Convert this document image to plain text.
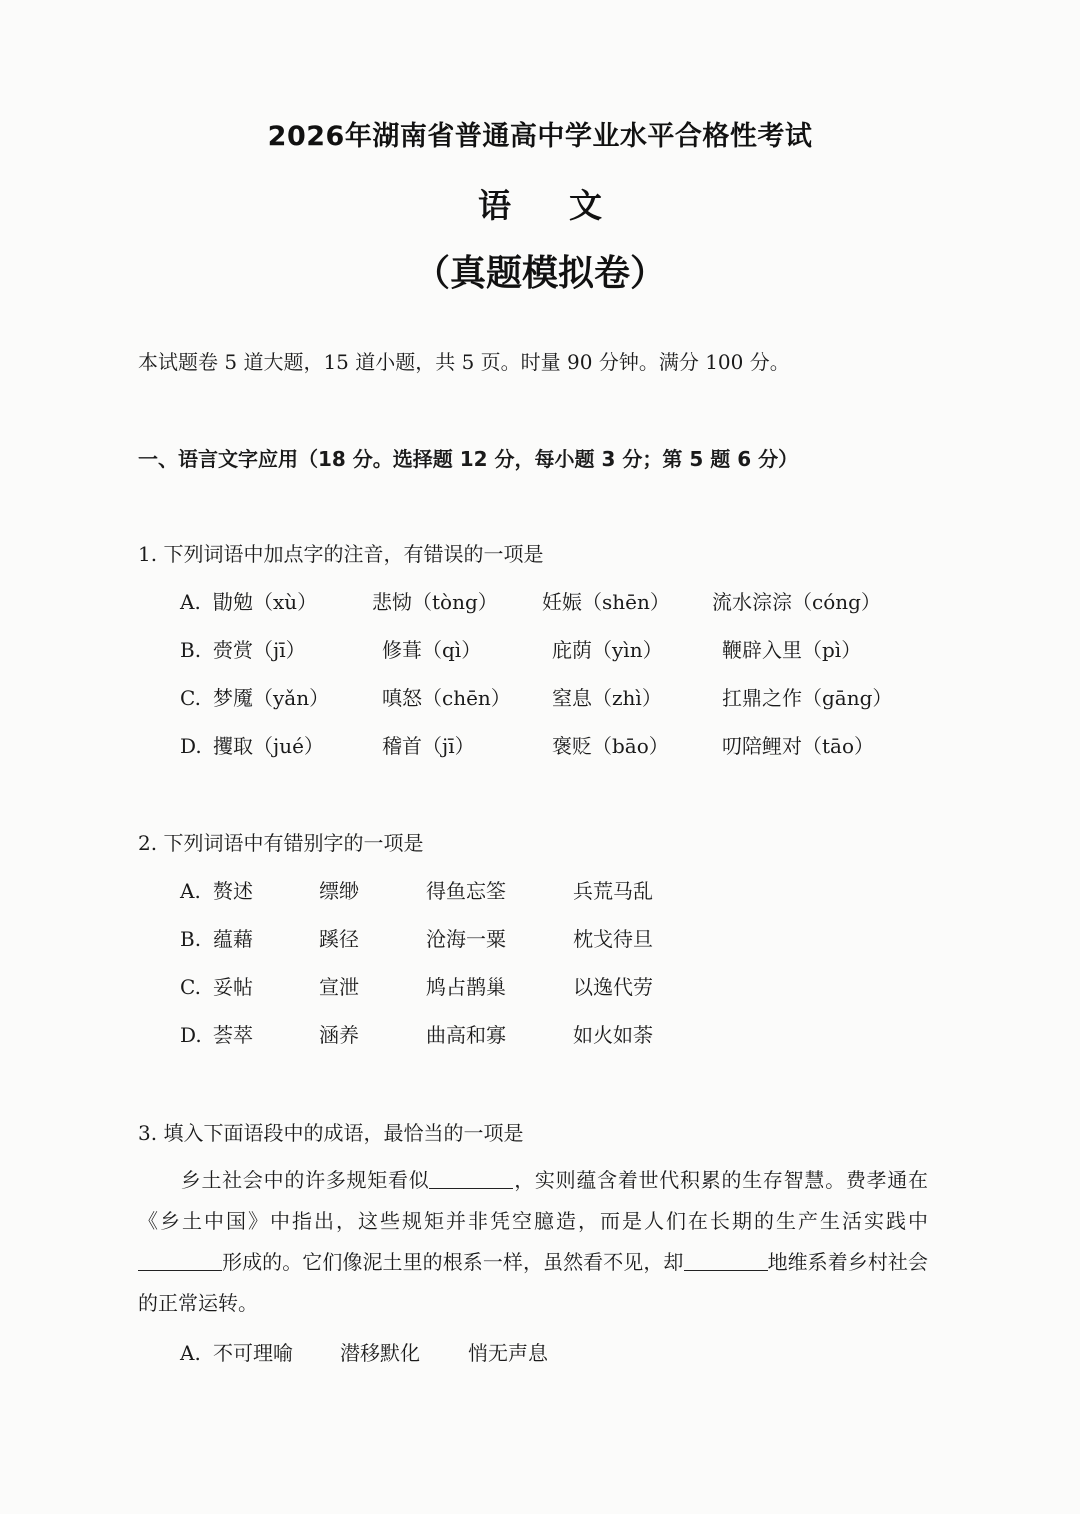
2026年湖南省普通高中学业水平合格性考试
语 文
（真题模拟卷）
本试题卷 5 道大题，15 道小题，共 5 页。时量 90 分钟。满分 100 分。
一、语言文字应用（18 分。选择题 12 分，每小题 3 分；第 5 题 6 分）
1. 下列词语中加点字的注音，有错误的一项是
A. 勖勉（xù）	悲恸（tòng） 妊娠（shēn） 流水淙淙（cóng）
B. 赍赏（jī）	修葺（qì）	庇荫（yìn）	鞭辟入里（pì）
C. 梦魇（yǎn）	嗔怒（chēn） 窒息（zhì）	扛鼎之作（gāng）
D. 攫取（jué）	稽首（jī）	褒贬（bāo）	叨陪鲤对（tāo）
2. 下列词语中有错别字的一项是
A. 赘述	缥缈	得鱼忘筌	兵荒马乱
B. 蕴藉	蹊径	沧海一粟	枕戈待旦
C. 妥帖	宣泄	鸠占鹊巢	以逸代劳
D. 荟萃	涵养	曲高和寡	如火如荼
3. 填入下面语段中的成语，最恰当的一项是
乡土社会中的许多规矩看似	，实则蕴含着世代积累的生存智慧。费孝通在《乡土中国》中指出，这些规矩并非凭空臆造，而是人们在长期的生产生活实践中形成的。它们像泥土里的根系一样，虽然看不见，却	地维系着乡村社会的正常运转。
A. 不可理喻 潜移默化 悄无声息
